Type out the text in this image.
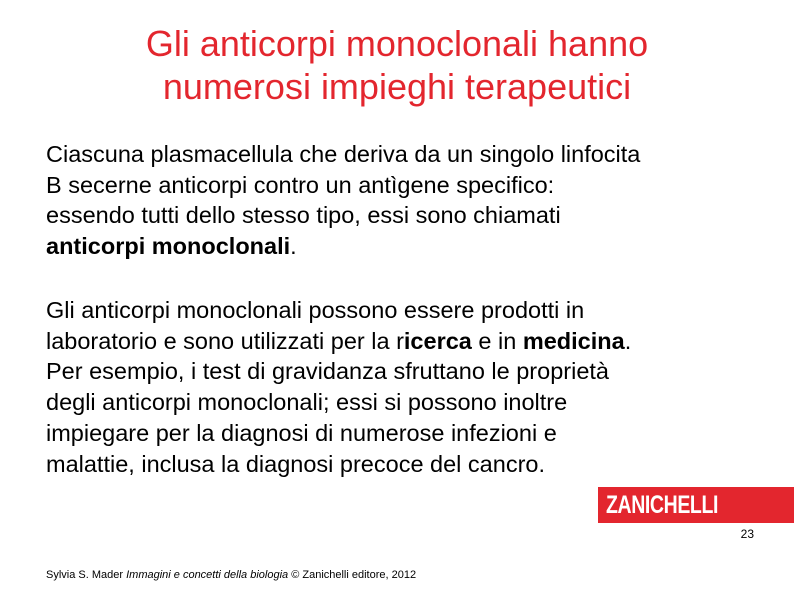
Gli anticorpi monoclonali hanno
numerosi impieghi terapeutici

Ciascuna plasmacellula che deriva da un singolo linfocita
B secerne anticorpi contro un antìgene specifico:
essendo tutti dello stesso tipo, essi sono chiamati
anticorpi monoclonali.

Gli anticorpi monoclonali possono essere prodotti in
laboratorio e sono utilizzati per la ricerca e in medicina.
Per esempio, i test di gravidanza sfruttano le proprietà
degli anticorpi monoclonali; essi si possono inoltre
impiegare per la diagnosi di numerose infezioni e
malattie, inclusa la diagnosi precoce del cancro.

ZANICHELLI
23
Sylvia S. Mader Immagini e concetti della biologia © Zanichelli editore, 2012
